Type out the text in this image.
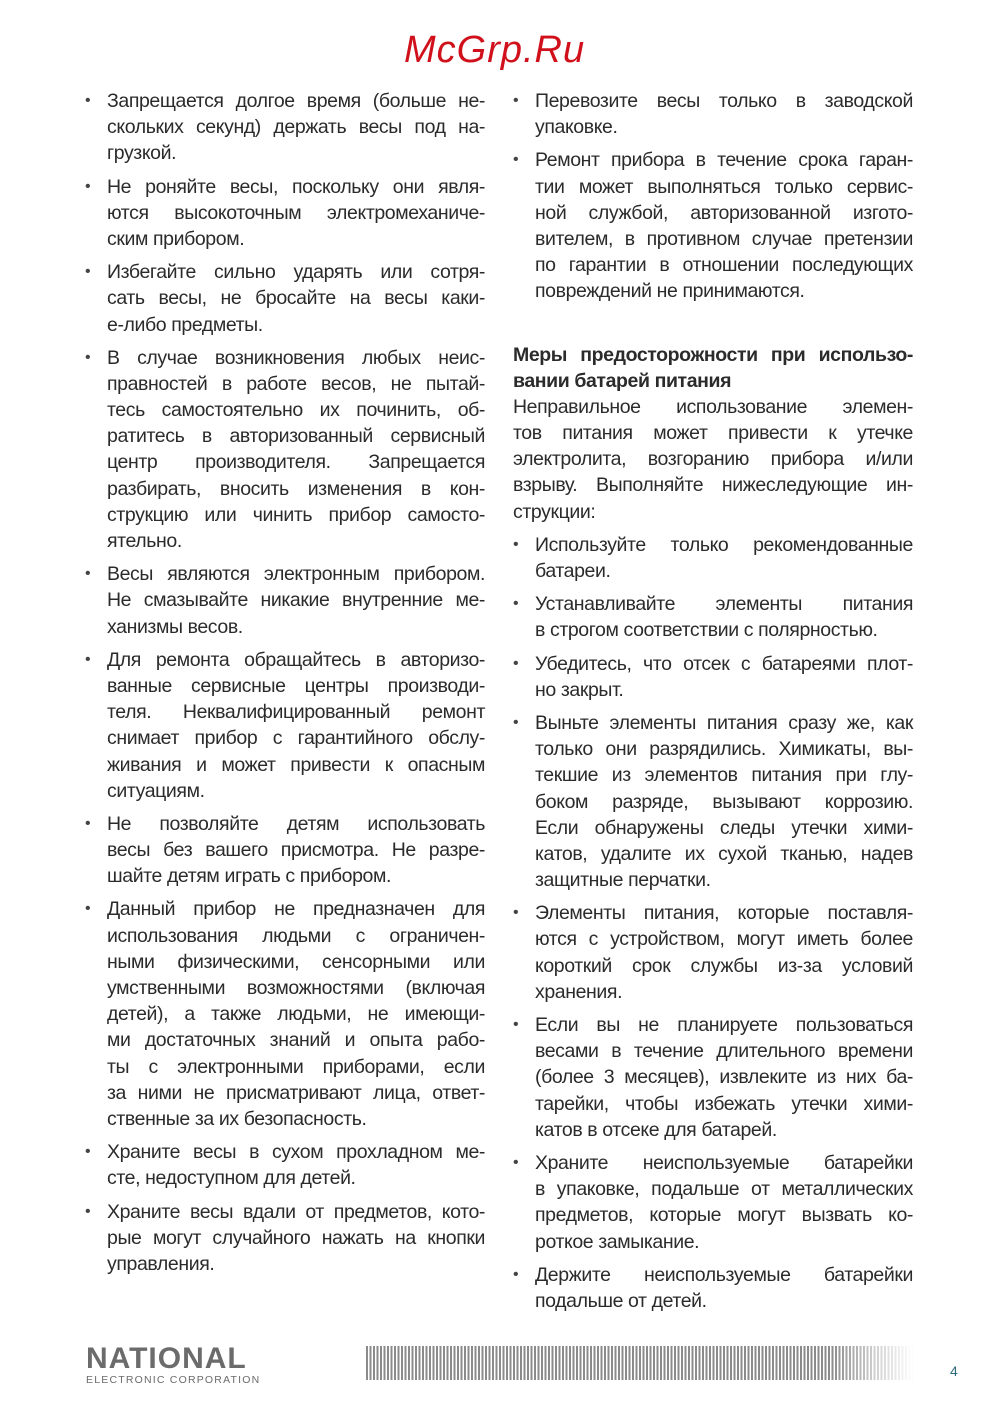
• Запрещается долгое время (больше не-
скольких секунд) держать весы под на-
грузкой.
• Не роняйте весы, поскольку они явля-
ются высокоточным электромеханиче-
ским прибором.
• Избегайте сильно ударять или сотря-
сать весы, не бросайте на весы каки-
е-либо предметы.
• В случае возникновения любых неис-
правностей в работе весов, не пытай-
тесь самостоятельно их починить, об-
ратитесь в авторизованный сервисный
центр производителя. Запрещается
разбирать, вносить изменения в кон-
струкцию или чинить прибор самосто-
ятельно.
• Весы являются электронным прибором.
Не смазывайте никакие внутренние ме-
ханизмы весов.
• Для ремонта обращайтесь в авторизо-
ванные сервисные центры производи-
теля. Неквалифицированный ремонт
снимает прибор с гарантийного обслу-
живания и может привести к опасным
ситуациям.
• Не позволяйте детям использовать
весы без вашего присмотра. Не разре-
шайте детям играть с прибором.
• Данный прибор не предназначен для
использования людьми с ограничен-
ными физическими, сенсорными или
умственными возможностями (включая
детей), а также людьми, не имеющи-
ми достаточных знаний и опыта рабо-
ты с электронными приборами, если
за ними не присматривают лица, ответ-
ственные за их безопасность.
• Храните весы в сухом прохладном ме-
сте, недоступном для детей.
• Храните весы вдали от предметов, кото-
рые могут случайного нажать на кнопки
управления.
• Перевозите весы только в заводской
упаковке.
• Ремонт прибора в течение срока гаран-
тии может выполняться только сервис-
ной службой, авторизованной изгото-
вителем, в противном случае претензии
по гарантии в отношении последующих
повреждений не принимаются.
Меры предосторожности при использо-
вании батарей питания
Неправильное использование элемен-
тов питания может привести к утечке
электролита, возгоранию прибора и/или
взрыву. Выполняйте нижеследующие ин-
струкции:
• Используйте только рекомендованные
батареи.
• Устанавливайте элементы питания
в строгом соответствии с полярностью.
• Убедитесь, что отсек с батареями плот-
но закрыт.
• Выньте элементы питания сразу же, как
только они разрядились. Химикаты, вы-
текшие из элементов питания при глу-
боком разряде, вызывают коррозию.
Если обнаружены следы утечки хими-
катов, удалите их сухой тканью, надев
защитные перчатки.
• Элементы питания, которые поставля-
ются с устройством, могут иметь более
короткий срок службы из-за условий
хранения.
• Если вы не планируете пользоваться
весами в течение длительного времени
(более 3 месяцев), извлеките из них ба-
тарейки, чтобы избежать утечки хими-
катов в отсеке для батарей.
• Храните неиспользуемые батарейки
в упаковке, подальше от металлических
предметов, которые могут вызвать ко-
роткое замыкание.
• Держите неиспользуемые батарейки
подальше от детей.
NATIONAL
ELECTRONIC CORPORATION
4
McGrp.Ru
